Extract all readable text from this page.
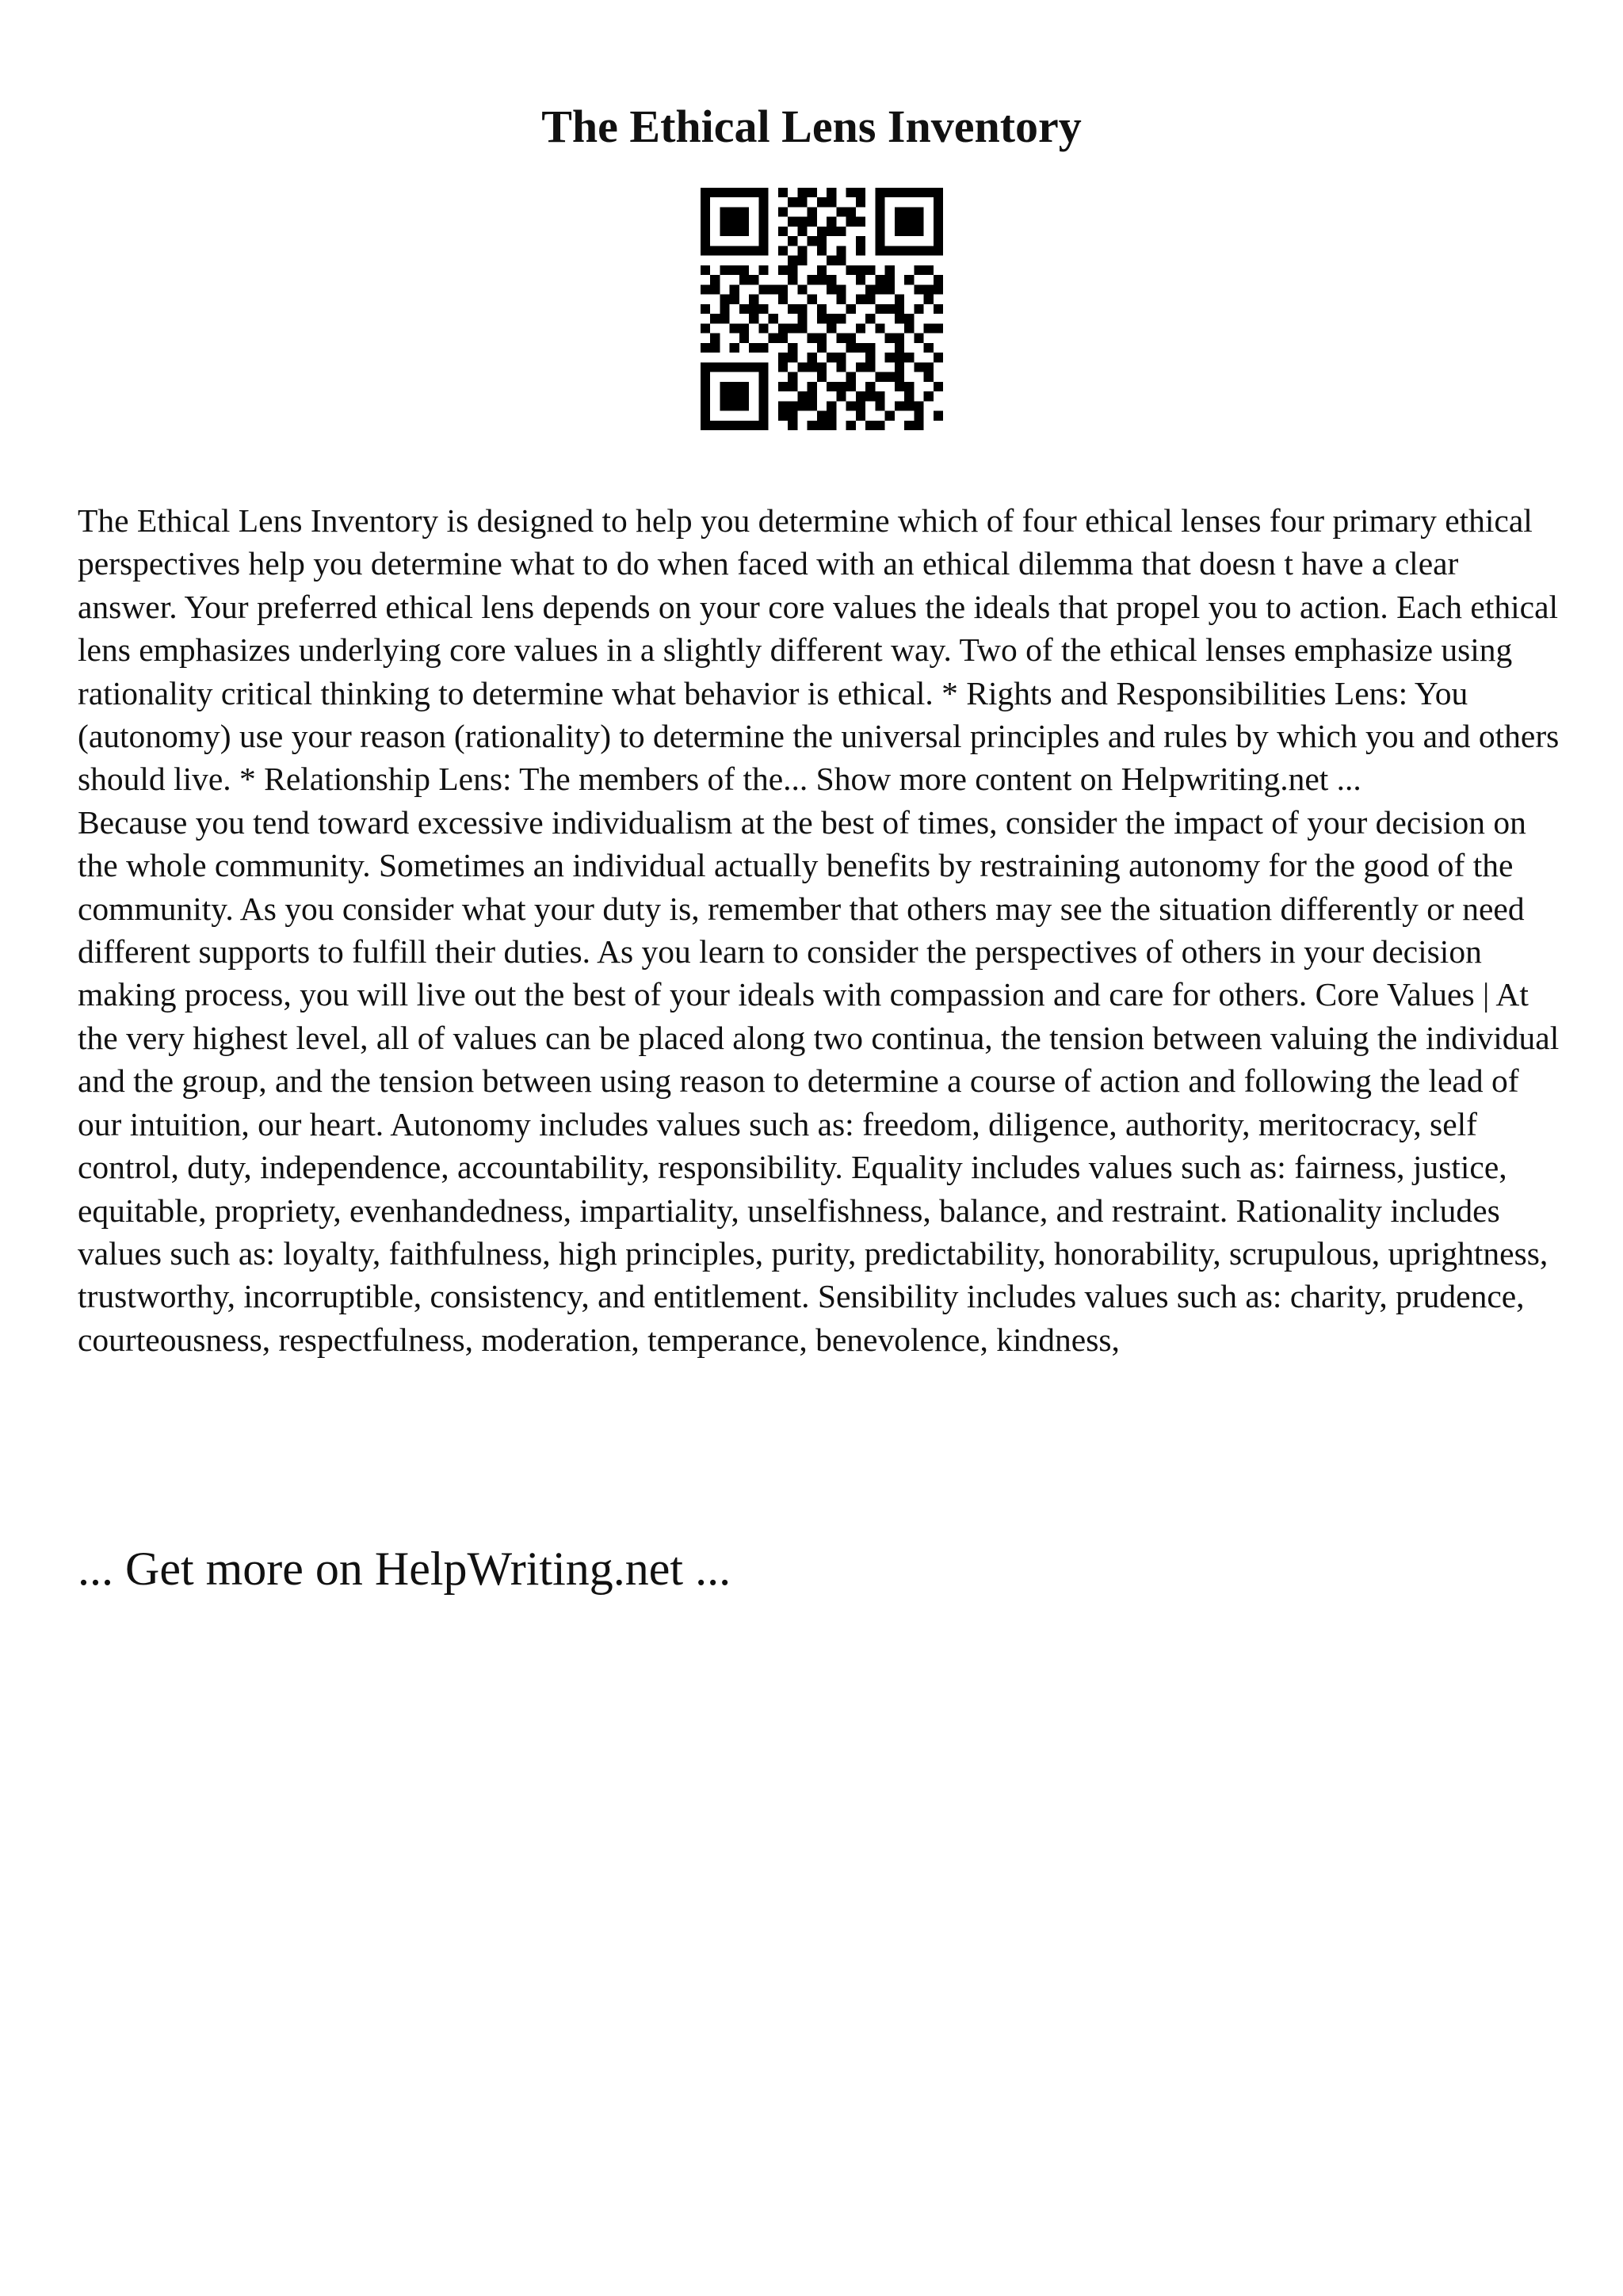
The Ethical Lens Inventory

The Ethical Lens Inventory is designed to help you determine which of four ethical lenses four primary ethical perspectives help you determine what to do when faced with an ethical dilemma that doesn t have a clear answer. Your preferred ethical lens depends on your core values the ideals that propel you to action. Each ethical lens emphasizes underlying core values in a slightly different way. Two of the ethical lenses emphasize using rationality critical thinking to determine what behavior is ethical. * Rights and Responsibilities Lens: You (autonomy) use your reason (rationality) to determine the universal principles and rules by which you and others should live. * Relationship Lens: The members of the... Show more content on Helpwriting.net ...

Because you tend toward excessive individualism at the best of times, consider the impact of your decision on the whole community. Sometimes an individual actually benefits by restraining autonomy for the good of the community. As you consider what your duty is, remember that others may see the situation differently or need different supports to fulfill their duties. As you learn to consider the perspectives of others in your decision making process, you will live out the best of your ideals with compassion and care for others. Core Values | At the very highest level, all of values can be placed along two continua, the tension between valuing the individual and the group, and the tension between using reason to determine a course of action and following the lead of our intuition, our heart. Autonomy includes values such as: freedom, diligence, authority, meritocracy, self control, duty, independence, accountability, responsibility. Equality includes values such as: fairness, justice, equitable, propriety, evenhandedness, impartiality, unselfishness, balance, and restraint. Rationality includes values such as: loyalty, faithfulness, high principles, purity, predictability, honorability, scrupulous, uprightness, trustworthy, incorruptible, consistency, and entitlement. Sensibility includes values such as: charity, prudence, courteousness, respectfulness, moderation, temperance, benevolence, kindness,

... Get more on HelpWriting.net ...
